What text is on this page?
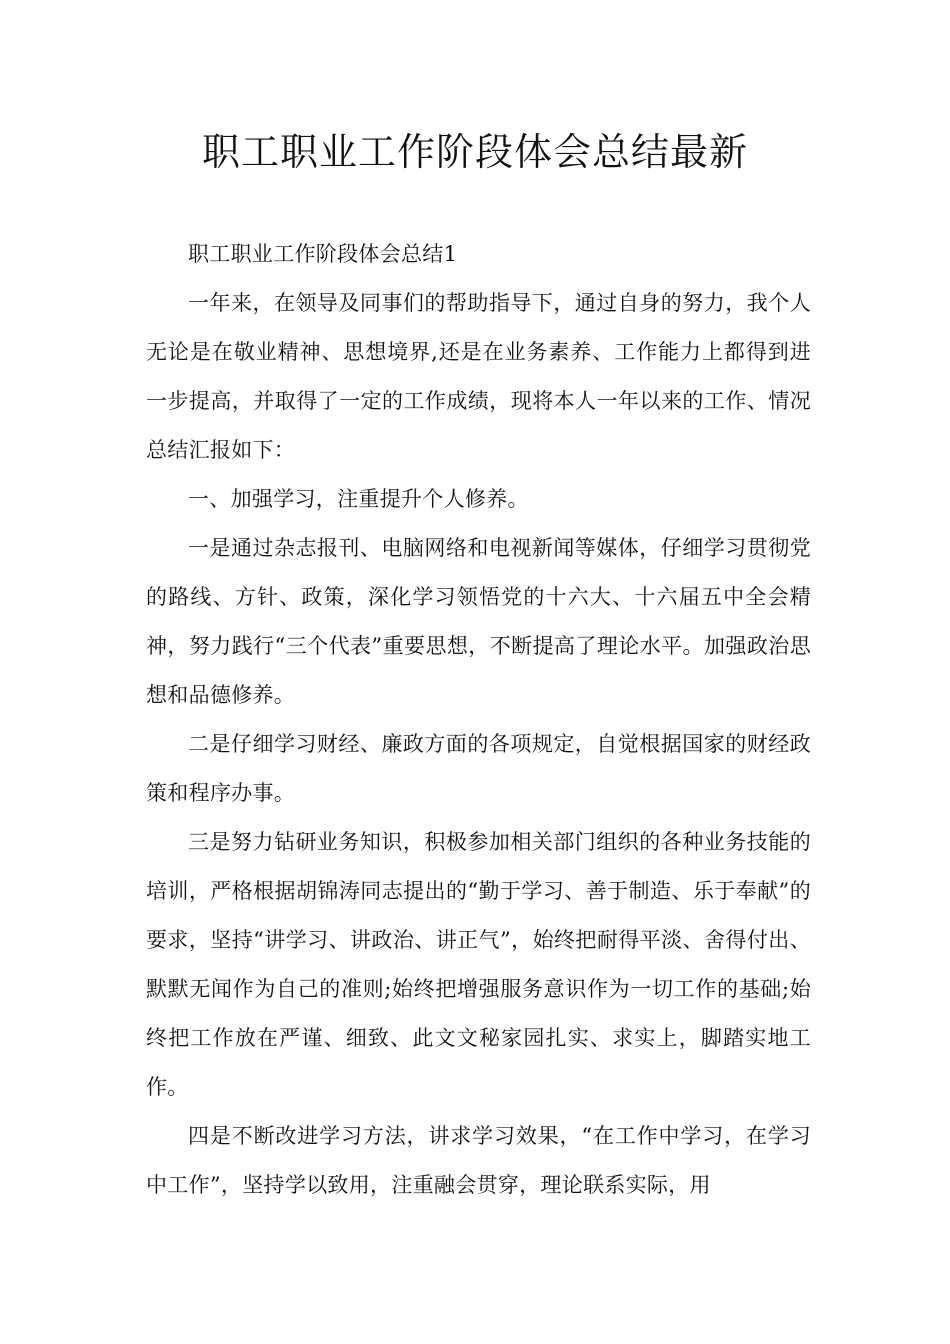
职工职业工作阶段体会总结最新

职工职业工作阶段体会总结1

一年来，在领导及同事们的帮助指导下，通过自身的努力，我个人无论是在敬业精神、思想境界,还是在业务素养、工作能力上都得到进一步提高，并取得了一定的工作成绩，现将本人一年以来的工作、情况总结汇报如下：

一、加强学习，注重提升个人修养。

一是通过杂志报刊、电脑网络和电视新闻等媒体，仔细学习贯彻党的路线、方针、政策，深化学习领悟党的十六大、十六届五中全会精神，努力践行“三个代表”重要思想，不断提高了理论水平。加强政治思想和品德修养。

二是仔细学习财经、廉政方面的各项规定，自觉根据国家的财经政策和程序办事。

三是努力钻研业务知识，积极参加相关部门组织的各种业务技能的培训，严格根据胡锦涛同志提出的“勤于学习、善于制造、乐于奉献”的要求，坚持“讲学习、讲政治、讲正气”，始终把耐得平淡、舍得付出、默默无闻作为自己的准则;始终把增强服务意识作为一切工作的基础;始终把工作放在严谨、细致、此文文秘家园扎实、求实上，脚踏实地工作。

四是不断改进学习方法，讲求学习效果，“在工作中学习，在学习中工作”，坚持学以致用，注重融会贯穿，理论联系实际，用
